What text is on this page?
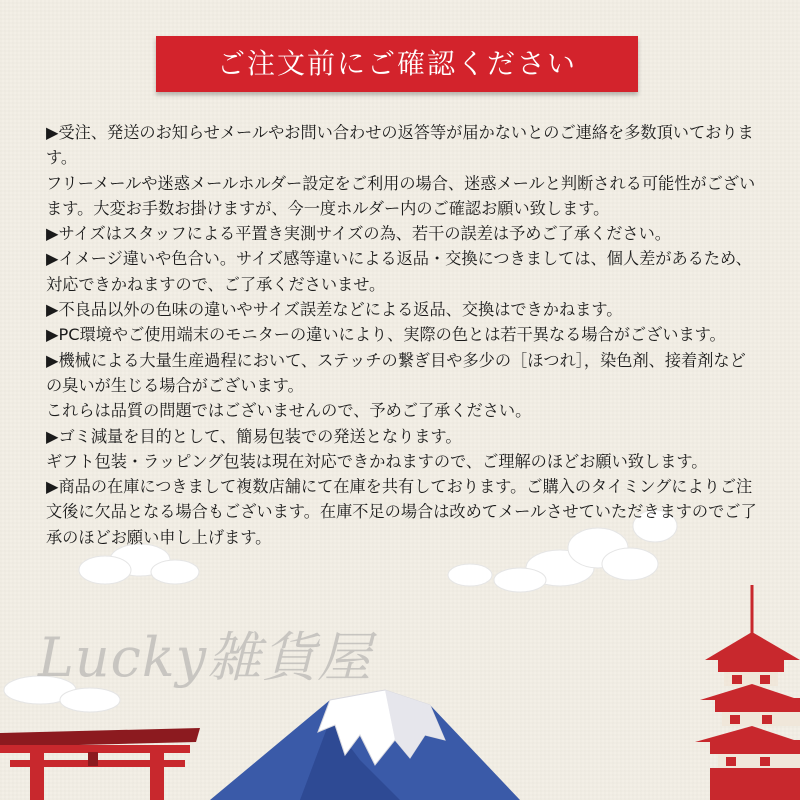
ご注文前にご確認ください

▶受注、発送のお知らせメールやお問い合わせの返答等が届かないとのご連絡を多数頂いております。

フリーメールや迷惑メールホルダー設定をご利用の場合、迷惑メールと判断される可能性がございます。大変お手数お掛けますが、今一度ホルダー内のご確認お願い致します。

▶サイズはスタッフによる平置き実測サイズの為、若干の誤差は予めご了承ください。

▶イメージ違いや色合い。サイズ感等違いによる返品・交換につきましては、個人差があるため、対応できかねますので、ご了承くださいませ。

▶不良品以外の色味の違いやサイズ誤差などによる返品、交換はできかねます。

▶PC環境やご使用端末のモニターの違いにより、実際の色とは若干異なる場合がございます。

▶機械による大量生産過程において、ステッチの繋ぎ目や多少の［ほつれ］，染色剤、接着剤などの臭いが生じる場合がございます。

これらは品質の問題ではございませんので、予めご了承ください。

▶ゴミ減量を目的として、簡易包装での発送となります。

ギフト包装・ラッピング包装は現在対応できかねますので、ご理解のほどお願い致します。

▶商品の在庫につきまして複数店舗にて在庫を共有しております。ご購入のタイミングによりご注文後に欠品となる場合もございます。在庫不足の場合は改めてメールさせていただきますのでご了承のほどお願い申し上げます。

Lucky雑貨屋
